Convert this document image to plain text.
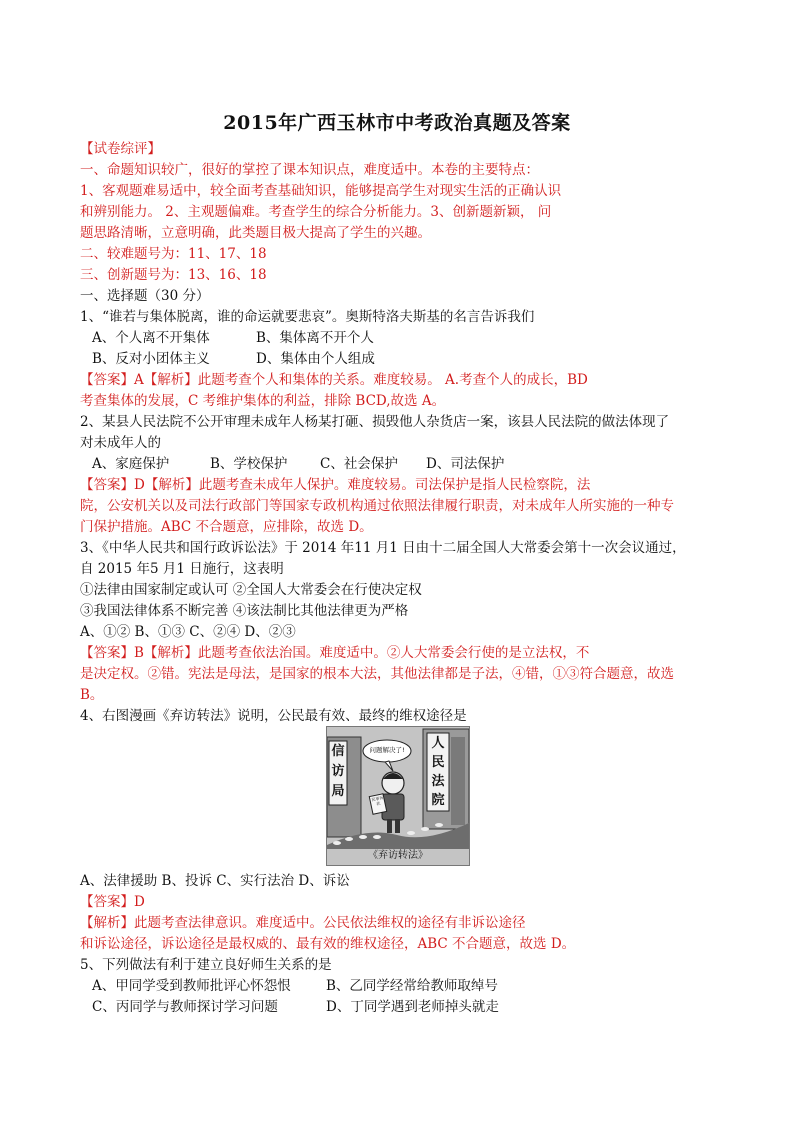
2015年广西玉林市中考政治真题及答案
【试卷综评】
一、命题知识较广，很好的掌控了课本知识点，难度适中。本卷的主要特点：
1、客观题难易适中，较全面考查基础知识，能够提高学生对现实生活的正确认识
和辨别能力。 2、主观题偏难。考查学生的综合分析能力。3、创新题新颖， 问
题思路清晰，立意明确，此类题目极大提高了学生的兴趣。
二、较难题号为：11、17、18
三、创新题号为：13、16、18
一、选择题（30 分）
1、“谁若与集体脱离，谁的命运就要悲哀”。奥斯特洛夫斯基的名言告诉我们
A、个人离不开集体	B、集体离不开个人
B、反对小团体主义	D、集体由个人组成
【答案】A【解析】此题考查个人和集体的关系。难度较易。 A.考查个人的成长，BD
考查集体的发展，C 考维护集体的利益，排除 BCD,故选 A。
2、某县人民法院不公开审理未成年人杨某打砸、损毁他人杂货店一案，该县人民法院的做法体现了
对未成年人的
A、家庭保护	B、学校保护 C、社会保护 D、司法保护
【答案】D【解析】此题考查未成年人保护。难度较易。司法保护是指人民检察院，法
院，公安机关以及司法行政部门等国家专政机构通过依照法律履行职责，对未成年人所实施的一种专
门保护措施。ABC 不合题意，应排除，故选 D。
3、《中华人民共和国行政诉讼法》于 2014 年11 月1 日由十二届全国人大常委会第十一次会议通过，
自 2015 年5 月1 日施行，这表明
①法律由国家制定或认可 ②全国人大常委会在行使决定权
③我国法律体系不断完善 ④该法制比其他法律更为严格
A、①② B、①③ C、②④ D、②③
【答案】B【解析】此题考查依法治国。难度适中。②人大常委会行使的是立法权，不
是决定权。②错。宪法是母法，是国家的根本大法，其他法律都是子法，④错，①③符合题意，故选
B。
4、右图漫画《弃访转法》说明，公民最有效、最终的维权途径是
信访局
人民法院
问题解决了!
民事诉状
《弃访转法》
A、法律援助 B、投诉 C、实行法治 D、诉讼
【答案】D
【解析】此题考查法律意识。难度适中。公民依法维权的途径有非诉讼途径
和诉讼途径，诉讼途径是最权威的、最有效的维权途径，ABC 不合题意，故选 D。
5、下列做法有利于建立良好师生关系的是
A、甲同学受到教师批评心怀怨恨	B、乙同学经常给教师取绰号
C、丙同学与教师探讨学习问题	D、丁同学遇到老师掉头就走
